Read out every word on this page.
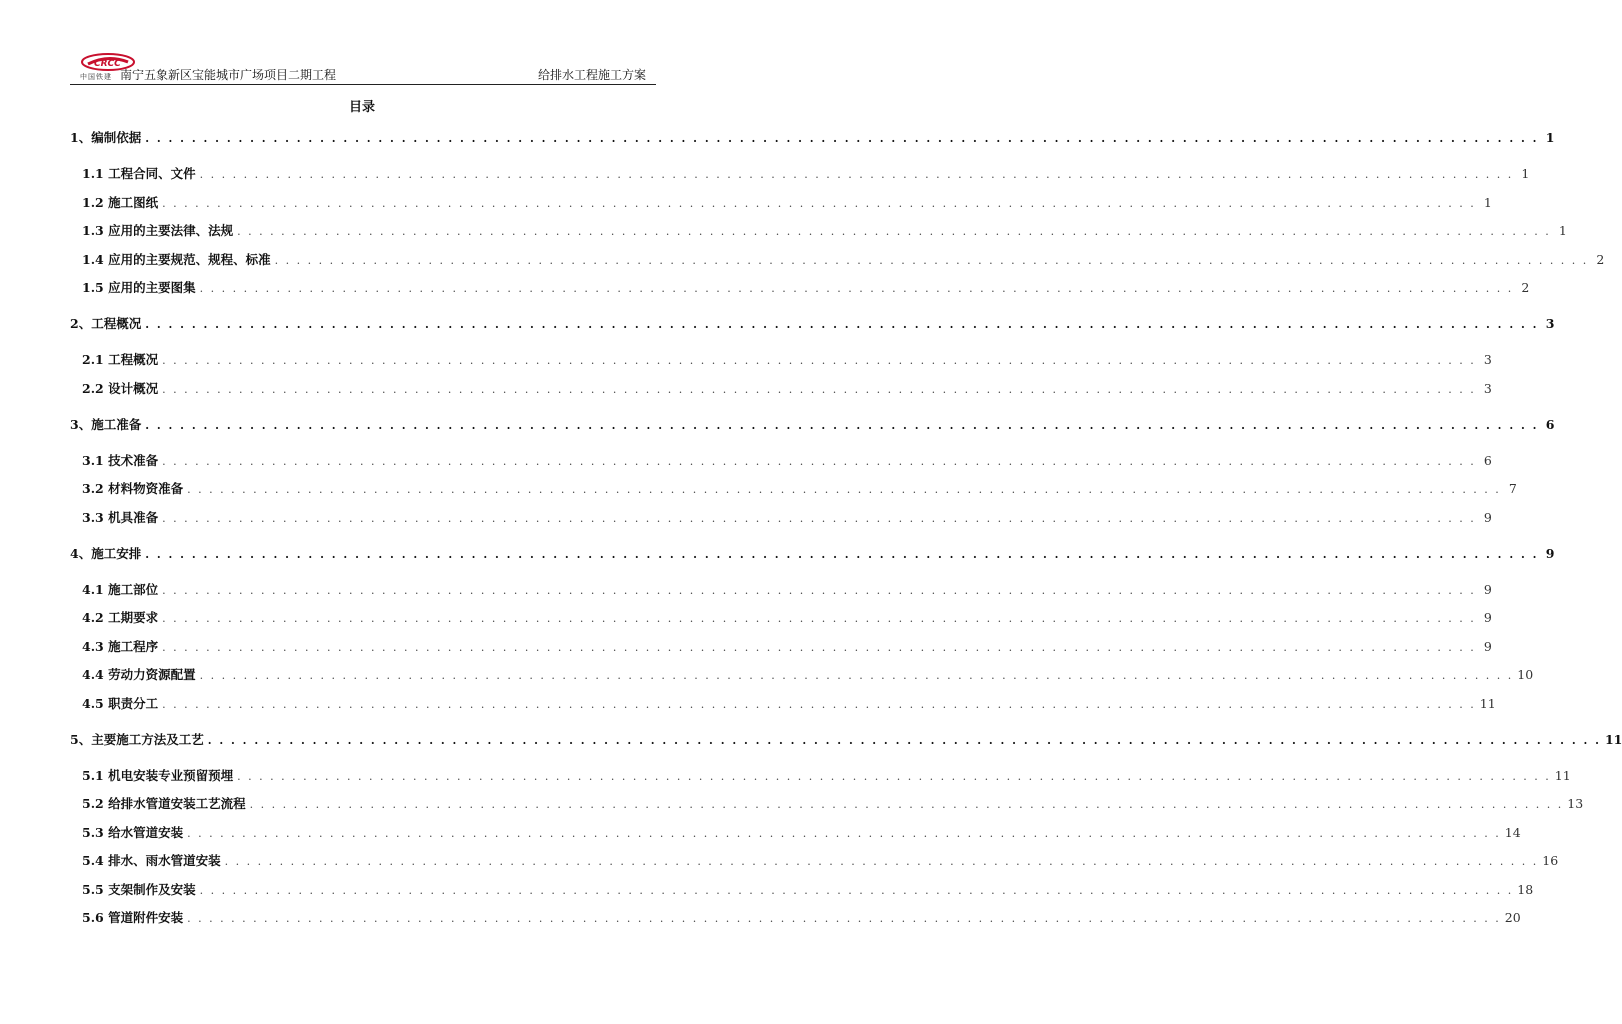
CRCC
中国铁建 南宁五象新区宝能城市广场项目二期工程	给排水工程施工方案
目录
1、编制依据 . . . . . . . . . . . . . . . . . . . . . . . . . . . . . . . . . . . . . . . . . . . . . . . . . . . . . . . . . . . . . . . . . . . . . . . . . . . . . . . . . . . . . . . . . . . . . . . . . . . . . . . . . . . . . . . . . . . . . . . . 1
1.1 工程合同、文件 . . . . . . . . . . . . . . . . . . . . . . . . . . . . . . . . . . . . . . . . . . . . . . . . . . . . . . . . . . . . . . . . . . . . . . . . . . . . . . . . . . . . . . . . . . . . . . . . . . . . . . . . . . . . . . . . . . . . . . . . 1
1.2 施工图纸 . . . . . . . . . . . . . . . . . . . . . . . . . . . . . . . . . . . . . . . . . . . . . . . . . . . . . . . . . . . . . . . . . . . . . . . . . . . . . . . . . . . . . . . . . . . . . . . . . . . . . . . . . . . . . . . . . . . . . . . . 1
1.3 应用的主要法律、法规 . . . . . . . . . . . . . . . . . . . . . . . . . . . . . . . . . . . . . . . . . . . . . . . . . . . . . . . . . . . . . . . . . . . . . . . . . . . . . . . . . . . . . . . . . . . . . . . . . . . . . . . . . . . . . . . . . . . . . . . . 1
1.4 应用的主要规范、规程、标准 . . . . . . . . . . . . . . . . . . . . . . . . . . . . . . . . . . . . . . . . . . . . . . . . . . . . . . . . . . . . . . . . . . . . . . . . . . . . . . . . . . . . . . . . . . . . . . . . . . . . . . . . . . . . . . . . . . . . . . . . 2
1.5 应用的主要图集 . . . . . . . . . . . . . . . . . . . . . . . . . . . . . . . . . . . . . . . . . . . . . . . . . . . . . . . . . . . . . . . . . . . . . . . . . . . . . . . . . . . . . . . . . . . . . . . . . . . . . . . . . . . . . . . . . . . . . . . . 2
2、工程概况 . . . . . . . . . . . . . . . . . . . . . . . . . . . . . . . . . . . . . . . . . . . . . . . . . . . . . . . . . . . . . . . . . . . . . . . . . . . . . . . . . . . . . . . . . . . . . . . . . . . . . . . . . . . . . . . . . . . . . . . . 3
2.1 工程概况 . . . . . . . . . . . . . . . . . . . . . . . . . . . . . . . . . . . . . . . . . . . . . . . . . . . . . . . . . . . . . . . . . . . . . . . . . . . . . . . . . . . . . . . . . . . . . . . . . . . . . . . . . . . . . . . . . . . . . . . . 3
2.2 设计概况 . . . . . . . . . . . . . . . . . . . . . . . . . . . . . . . . . . . . . . . . . . . . . . . . . . . . . . . . . . . . . . . . . . . . . . . . . . . . . . . . . . . . . . . . . . . . . . . . . . . . . . . . . . . . . . . . . . . . . . . . 3
3、施工准备 . . . . . . . . . . . . . . . . . . . . . . . . . . . . . . . . . . . . . . . . . . . . . . . . . . . . . . . . . . . . . . . . . . . . . . . . . . . . . . . . . . . . . . . . . . . . . . . . . . . . . . . . . . . . . . . . . . . . . . . . 6
3.1 技术准备 . . . . . . . . . . . . . . . . . . . . . . . . . . . . . . . . . . . . . . . . . . . . . . . . . . . . . . . . . . . . . . . . . . . . . . . . . . . . . . . . . . . . . . . . . . . . . . . . . . . . . . . . . . . . . . . . . . . . . . . . 6
3.2 材料物资准备 . . . . . . . . . . . . . . . . . . . . . . . . . . . . . . . . . . . . . . . . . . . . . . . . . . . . . . . . . . . . . . . . . . . . . . . . . . . . . . . . . . . . . . . . . . . . . . . . . . . . . . . . . . . . . . . . . . . . . . . . 7
3.3 机具准备 . . . . . . . . . . . . . . . . . . . . . . . . . . . . . . . . . . . . . . . . . . . . . . . . . . . . . . . . . . . . . . . . . . . . . . . . . . . . . . . . . . . . . . . . . . . . . . . . . . . . . . . . . . . . . . . . . . . . . . . . 9
4、施工安排 . . . . . . . . . . . . . . . . . . . . . . . . . . . . . . . . . . . . . . . . . . . . . . . . . . . . . . . . . . . . . . . . . . . . . . . . . . . . . . . . . . . . . . . . . . . . . . . . . . . . . . . . . . . . . . . . . . . . . . . . 9
4.1 施工部位 . . . . . . . . . . . . . . . . . . . . . . . . . . . . . . . . . . . . . . . . . . . . . . . . . . . . . . . . . . . . . . . . . . . . . . . . . . . . . . . . . . . . . . . . . . . . . . . . . . . . . . . . . . . . . . . . . . . . . . . . 9
4.2 工期要求 . . . . . . . . . . . . . . . . . . . . . . . . . . . . . . . . . . . . . . . . . . . . . . . . . . . . . . . . . . . . . . . . . . . . . . . . . . . . . . . . . . . . . . . . . . . . . . . . . . . . . . . . . . . . . . . . . . . . . . . . 9
4.3 施工程序 . . . . . . . . . . . . . . . . . . . . . . . . . . . . . . . . . . . . . . . . . . . . . . . . . . . . . . . . . . . . . . . . . . . . . . . . . . . . . . . . . . . . . . . . . . . . . . . . . . . . . . . . . . . . . . . . . . . . . . . . 9
4.4 劳动力资源配置 . . . . . . . . . . . . . . . . . . . . . . . . . . . . . . . . . . . . . . . . . . . . . . . . . . . . . . . . . . . . . . . . . . . . . . . . . . . . . . . . . . . . . . . . . . . . . . . . . . . . . . . . . . . . . . . . . . . . . . . . 10
4.5 职责分工 . . . . . . . . . . . . . . . . . . . . . . . . . . . . . . . . . . . . . . . . . . . . . . . . . . . . . . . . . . . . . . . . . . . . . . . . . . . . . . . . . . . . . . . . . . . . . . . . . . . . . . . . . . . . . . . . . . . . . . . . 11
5、主要施工方法及工艺 . . . . . . . . . . . . . . . . . . . . . . . . . . . . . . . . . . . . . . . . . . . . . . . . . . . . . . . . . . . . . . . . . . . . . . . . . . . . . . . . . . . . . . . . . . . . . . . . . . . . . . . . . . . . . . . . . . . . . . . . 11
5.1 机电安装专业预留预埋 . . . . . . . . . . . . . . . . . . . . . . . . . . . . . . . . . . . . . . . . . . . . . . . . . . . . . . . . . . . . . . . . . . . . . . . . . . . . . . . . . . . . . . . . . . . . . . . . . . . . . . . . . . . . . . . . . . . . . . . . 11
5.2 给排水管道安装工艺流程 . . . . . . . . . . . . . . . . . . . . . . . . . . . . . . . . . . . . . . . . . . . . . . . . . . . . . . . . . . . . . . . . . . . . . . . . . . . . . . . . . . . . . . . . . . . . . . . . . . . . . . . . . . . . . . . . . . . . . . . . 13
5.3 给水管道安装 . . . . . . . . . . . . . . . . . . . . . . . . . . . . . . . . . . . . . . . . . . . . . . . . . . . . . . . . . . . . . . . . . . . . . . . . . . . . . . . . . . . . . . . . . . . . . . . . . . . . . . . . . . . . . . . . . . . . . . . . 14
5.4 排水、雨水管道安装 . . . . . . . . . . . . . . . . . . . . . . . . . . . . . . . . . . . . . . . . . . . . . . . . . . . . . . . . . . . . . . . . . . . . . . . . . . . . . . . . . . . . . . . . . . . . . . . . . . . . . . . . . . . . . . . . . . . . . . . . 16
5.5 支架制作及安装 . . . . . . . . . . . . . . . . . . . . . . . . . . . . . . . . . . . . . . . . . . . . . . . . . . . . . . . . . . . . . . . . . . . . . . . . . . . . . . . . . . . . . . . . . . . . . . . . . . . . . . . . . . . . . . . . . . . . . . . . 18
5.6 管道附件安装 . . . . . . . . . . . . . . . . . . . . . . . . . . . . . . . . . . . . . . . . . . . . . . . . . . . . . . . . . . . . . . . . . . . . . . . . . . . . . . . . . . . . . . . . . . . . . . . . . . . . . . . . . . . . . . . . . . . . . . . . 20
